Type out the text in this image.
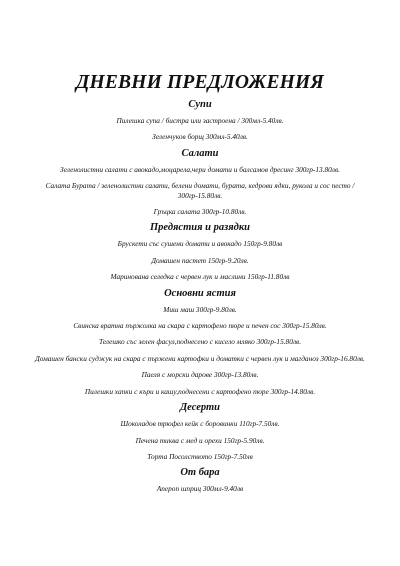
ДНЕВНИ ПРЕДЛОЖЕНИЯ
Супи
Пилешка супа / бистра или застроена / 300мл-5.40лв.
Зеленчуков борщ 300мл-5.40лв.
Салати
Зеленолистни салати с авокадо,моцарела,чери домати и балсамов дресинг 300гр-13.80лв.
Салата Бурата / зеленолистни салати, белени домати, бурата, кедрови ядки, рукола и сос песто / 300гр-15.80лв.
Гръцка салата 300гр-10.80лв.
Предястия и разядки
Брускети със сушени домати и авокадо 150гр-9.80лв
Домашен пастет 150гр-9.20лв.
Маринована селедка с червен лук и маслини 150гр-11.80лв
Основни ястия
Миш маш 300гр-9.80лв.
Свинска вратна пържолка на скара с картофено пюре и печен сос 300гр-15.80лв.
Телешко със зелен фасул,поднесено с кисело мляко 300гр-15.80лв.
Домашен бански суджук на скара с пържени картофки и доматки с червен лук и магданоз 300гр-16.80лв.
Паеля с морски дарове 300гр-13.80лв.
Пилешки хапки с къри и кашу,поднесени с картофено пюре 300гр-14.80лв.
Десерти
Шоколадов трюфел кейк с боровинки 110гр-7.50лв.
Печена тиква с мед и орехи 150гр-5.90лв.
Торта Посолството 150гр-7.50лв
От бара
Апероп шприц 300мл-9.40лв
